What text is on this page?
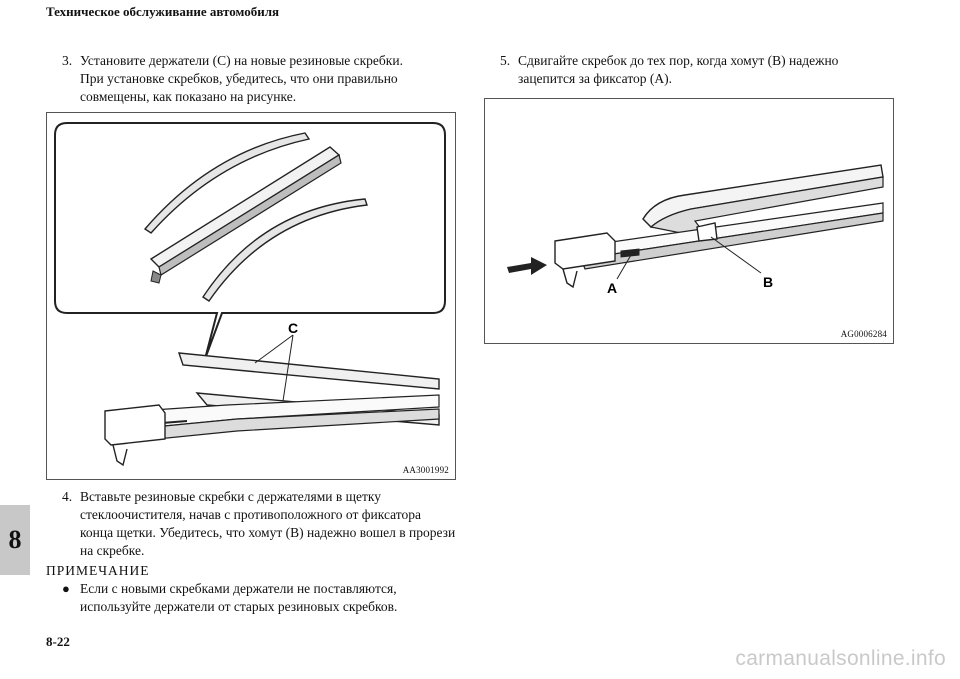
Техническое обслуживание автомобиля
3. Установите держатели (C) на новые резиновые скребки.
При установке скребков, убедитесь, что они правильно
совмещены, как показано на рисунке.
C
AA3001992
4. Вставьте резиновые скребки с держателями в щетку
стеклоочистителя, начав с противоположного от фиксатора
конца щетки. Убедитесь, что хомут (B) надежно вошел в прорези
на скребке.
ПРИМЕЧАНИЕ
● Если с новыми скребками держатели не поставляются,
используйте держатели от старых резиновых скребков.
5. Сдвигайте скребок до тех пор, когда хомут (B) надежно
зацепится за фиксатор (A).
A	B
AG0006284
8
8-22
carmanualsonline.info
